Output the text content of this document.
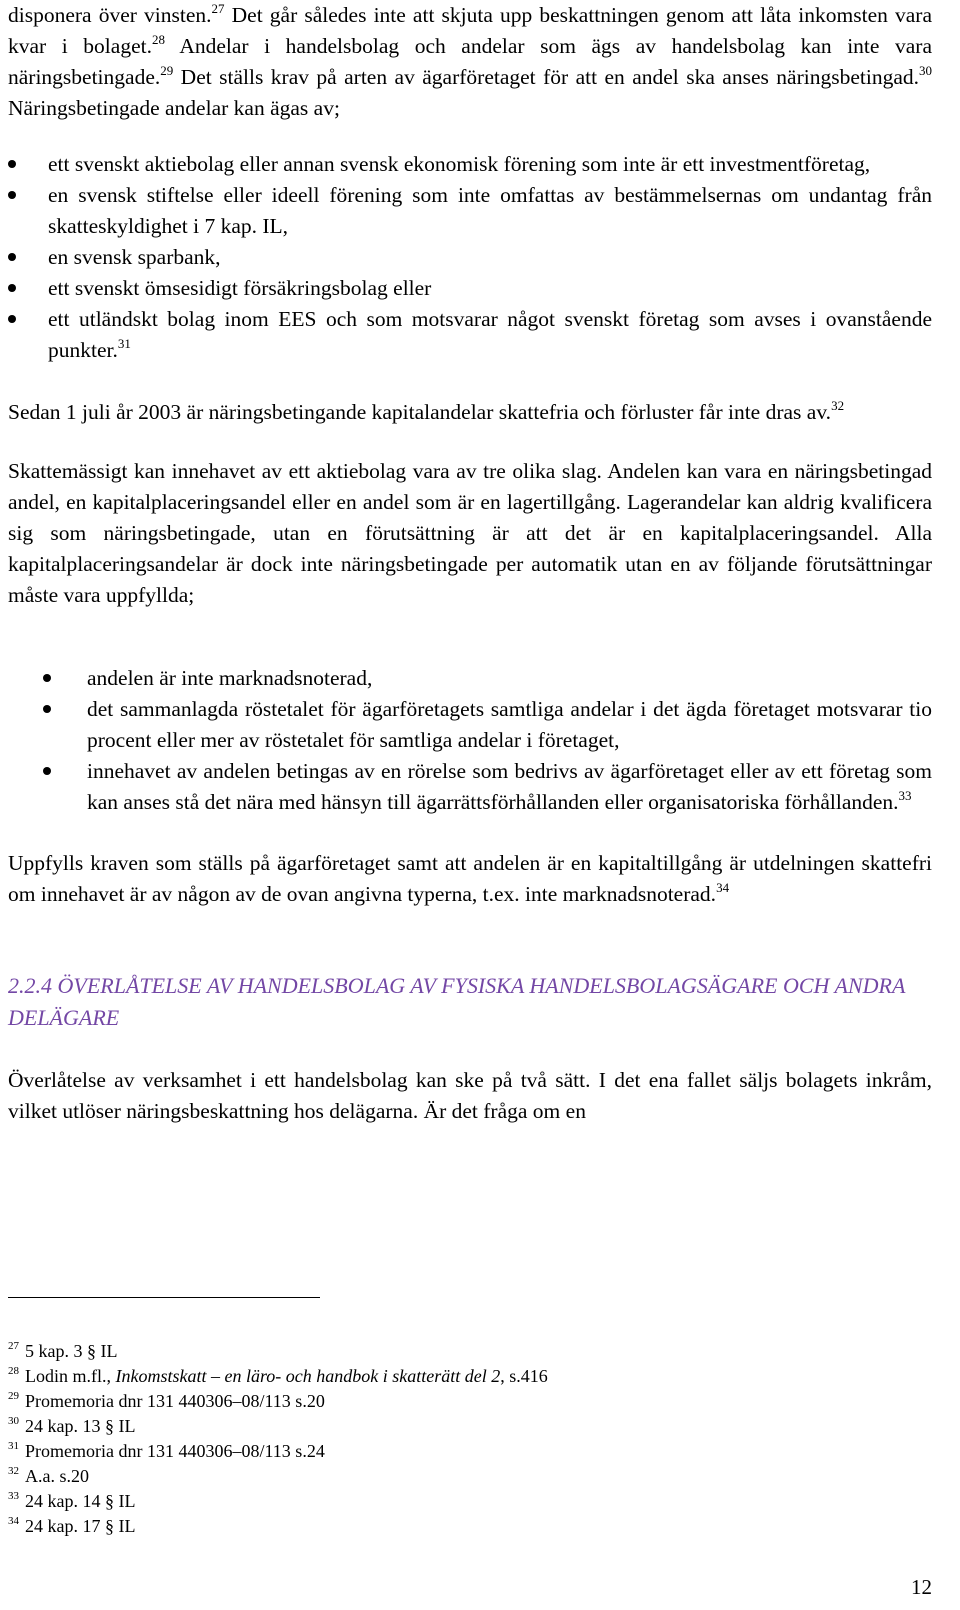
disponera över vinsten.$^{27}$ Det går således inte att skjuta upp beskattningen genom att låta inkomsten vara kvar i bolaget.$^{28}$ Andelar i handelsbolag och andelar som ägs av handelsbolag kan inte vara näringsbetingade.$^{29}$ Det ställs krav på arten av ägarföretaget för att en andel ska anses näringsbetingad.$^{30}$ Näringsbetingade andelar kan ägas av;

ett svenskt aktiebolag eller annan svensk ekonomisk förening som inte är ett investmentföretag,
en svensk stiftelse eller ideell förening som inte omfattas av bestämmelsernas om undantag från skatteskyldighet i 7 kap. IL,
en svensk sparbank,
ett svenskt ömsesidigt försäkringsbolag eller
ett utländskt bolag inom EES och som motsvarar något svenskt företag som avses i ovanstående punkter.$^{31}$

Sedan 1 juli år 2003 är näringsbetingande kapitalandelar skattefria och förluster får inte dras av.$^{32}$

Skattemässigt kan innehavet av ett aktiebolag vara av tre olika slag. Andelen kan vara en näringsbetingad andel, en kapitalplaceringsandel eller en andel som är en lagertillgång. Lagerandelar kan aldrig kvalificera sig som näringsbetingade, utan en förutsättning är att det är en kapitalplaceringsandel. Alla kapitalplaceringsandelar är dock inte näringsbetingade per automatik utan en av följande förutsättningar måste vara uppfyllda;

andelen är inte marknadsnoterad,
det sammanlagda röstetalet för ägarföretagets samtliga andelar i det ägda företaget motsvarar tio procent eller mer av röstetalet för samtliga andelar i företaget,
innehavet av andelen betingas av en rörelse som bedrivs av ägarföretaget eller av ett företag som kan anses stå det nära med hänsyn till ägarrättsförhållanden eller organisatoriska förhållanden.$^{33}$

Uppfylls kraven som ställs på ägarföretaget samt att andelen är en kapitaltillgång är utdelningen skattefri om innehavet är av någon av de ovan angivna typerna, t.ex. inte marknadsnoterad.$^{34}$

2.2.4 ÖVERLÅTELSE AV HANDELSBOLAG AV FYSISKA HANDELSBOLAGSÄGARE OCH ANDRA DELÄGARE

Överlåtelse av verksamhet i ett handelsbolag kan ske på två sätt. I det ena fallet säljs bolagets inkråm, vilket utlöser näringsbeskattning hos delägarna. Är det fråga om en

$^{27}$ 5 kap. 3 § IL
$^{28}$ Lodin m.fl., Inkomstskatt – en läro- och handbok i skatterätt del 2, s.416
$^{29}$ Promemoria dnr 131 440306–08/113 s.20
$^{30}$ 24 kap. 13 § IL
$^{31}$ Promemoria dnr 131 440306–08/113 s.24
$^{32}$ A.a. s.20
$^{33}$ 24 kap. 14 § IL
$^{34}$ 24 kap. 17 § IL
12
